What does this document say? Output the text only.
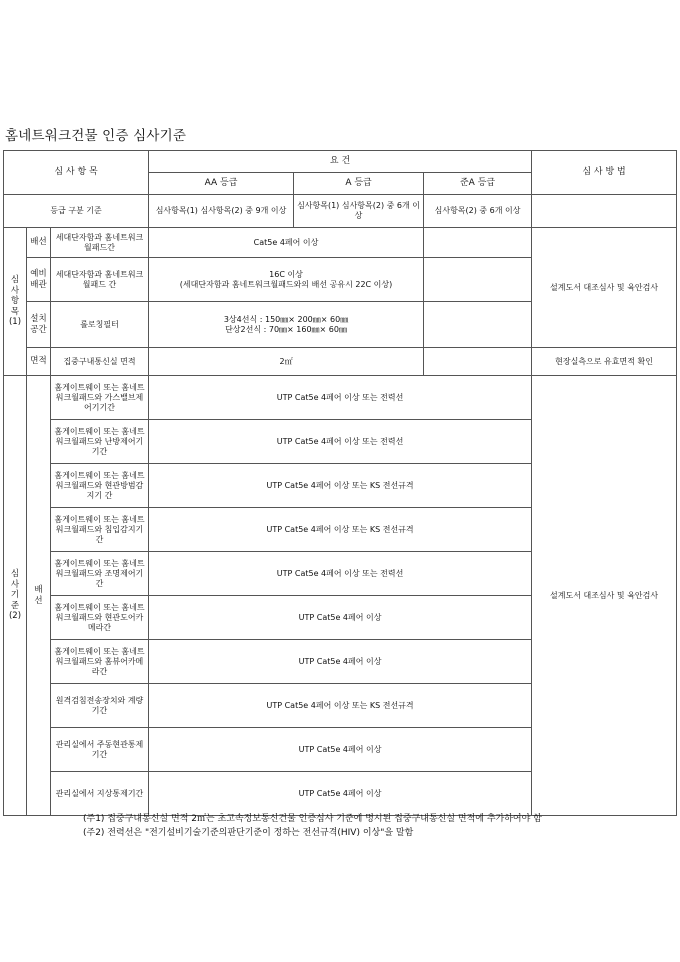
홈네트워크건물 인증 심사기준
심 사 항 목			요 건			심 사 방 법
			AA 등급	A 등급	준A 등급	
등급 구분 기준			심사항목(1) 심사항목(2) 중 9개 이상	심사항목(1) 심사항목(2) 중 6개 이상	심사항목(2) 중 6개 이상	
심 사 항 목 (1)	배선	세대단자함과 홈네트워크월패드간	Cat5e 4페어 이상			설계도서 대조심사 및 육안검사
	예비배관	세대단자함과 홈네트워크 월패드 간	16C 이상
(세대단자함과 홈네트워크월패드와의 배선 공유시 22C 이상)			

	설치공간	롤로칭필터	3상4선식 : 150㎜× 200㎜× 60㎜
단상2선식 : 70㎜× 160㎜× 60㎜			

	면적	집중구내통신실 면적	2㎡			현장실측으로 유효면적 확인
심 사 기 준 (2)	배 선	홈게이트웨이 또는 홈네트워크월패드와 가스밸브제어기기간	UTP Cat5e 4페어 이상 또는 전력선			설계도서 대조심사 및 육안검사
		홈게이트웨이 또는 홈네트워크월패드와 난방제어기기간	UTP Cat5e 4페어 이상 또는 전력선			
		홈게이트웨이 또는 홈네트워크월패드와 현관방범감지기 간	UTP Cat5e 4페어 이상 또는 KS 전선규격			
		홈게이트웨이 또는 홈네트워크월패드와 침입감지기간	UTP Cat5e 4페어 이상 또는 KS 전선규격			
		홈게이트웨이 또는 홈네트워크월패드와 조명제어기간	UTP Cat5e 4페어 이상 또는 전력선			
		홈게이트웨이 또는 홈네트워크월패드와 현관도어카메라간	UTP Cat5e 4페어 이상			
		홈게이트웨이 또는 홈네트워크월패드와 홈뷰어카메라간	UTP Cat5e 4페어 이상			
		원격검침전송장치와 계량기간	UTP Cat5e 4페어 이상 또는 KS 전선규격			
		관리실에서 주동현관통제기간	UTP Cat5e 4페어 이상			
		관리실에서 지상통제기간	UTP Cat5e 4페어 이상			
(주1) 집중구내통신실 면적 2㎡는 초고속정보통신건물 인증심사 기준에 명시된 집중구내통신실 면적에 추가하여야 함
(주2) 전력선은 "전기설비기술기준의판단기준이 정하는 전선규격(HIV) 이상"을 말함
